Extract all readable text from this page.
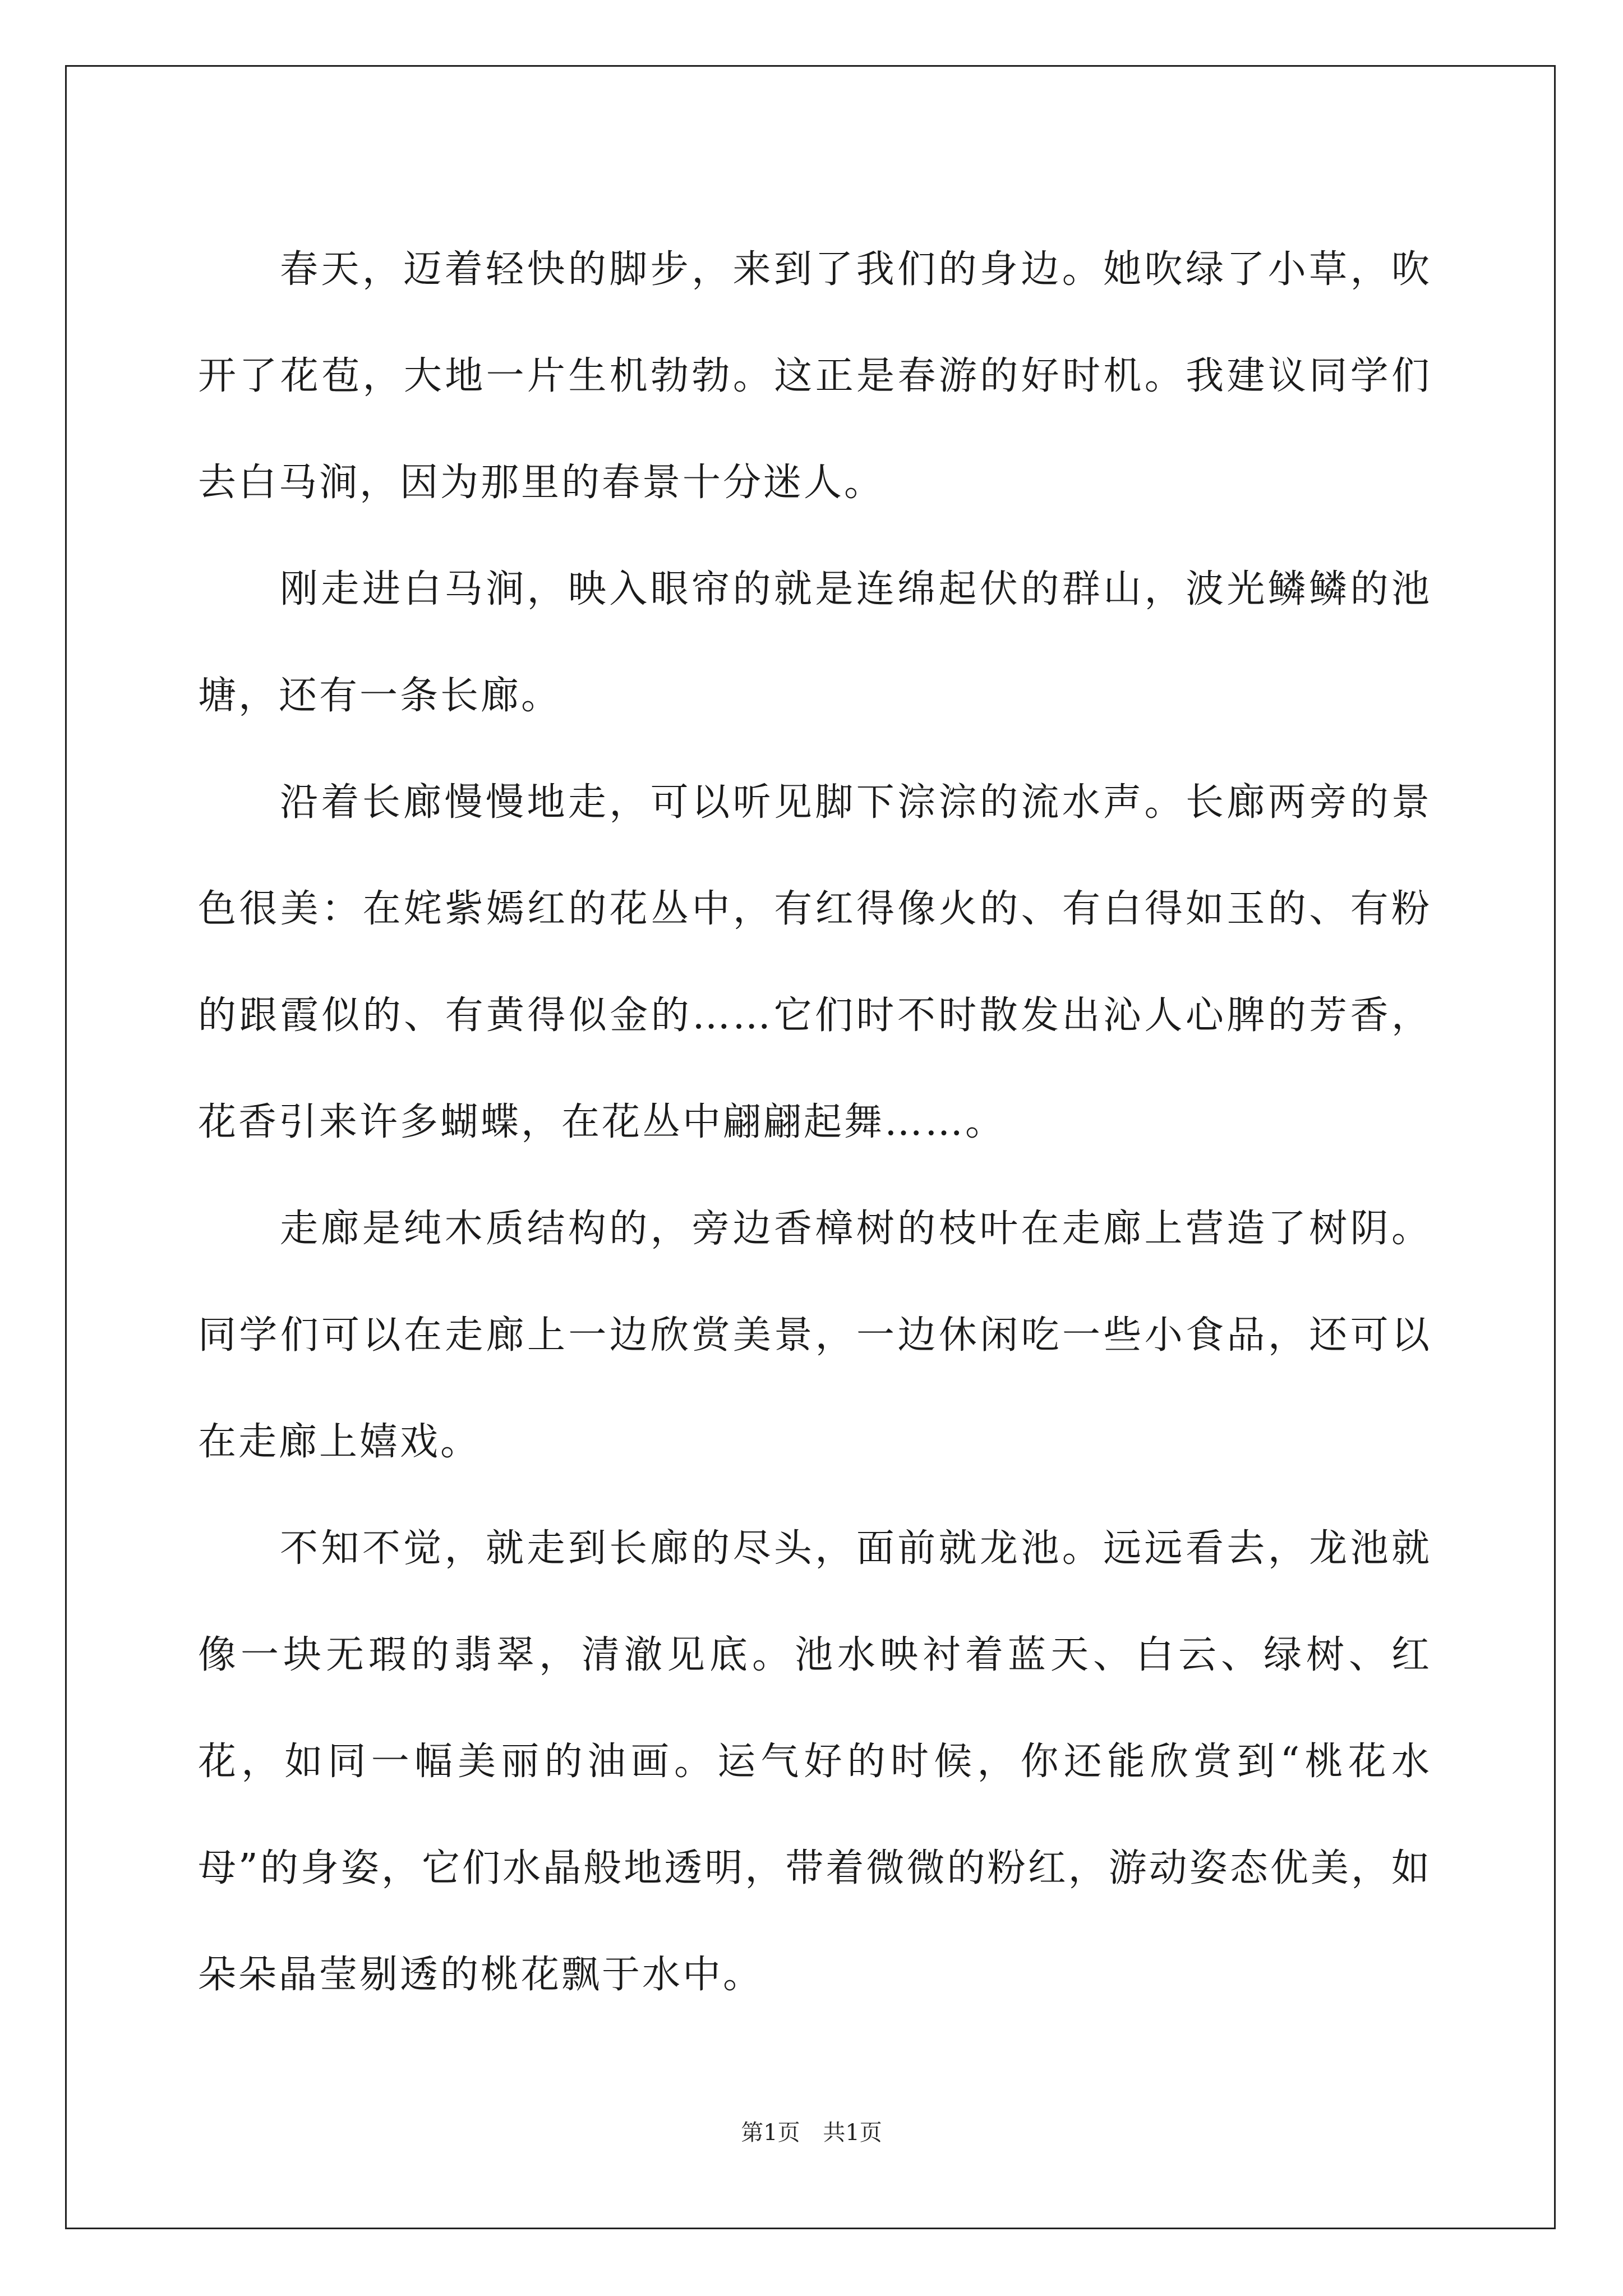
春天，迈着轻快的脚步，来到了我们的身边。她吹绿了小草，吹开了花苞，大地一片生机勃勃。这正是春游的好时机。我建议同学们去白马涧，因为那里的春景十分迷人。

刚走进白马涧，映入眼帘的就是连绵起伏的群山，波光鳞鳞的池塘，还有一条长廊。

沿着长廊慢慢地走，可以听见脚下淙淙的流水声。长廊两旁的景色很美：在姹紫嫣红的花丛中，有红得像火的、有白得如玉的、有粉的跟霞似的、有黄得似金的……它们时不时散发出沁人心脾的芳香，花香引来许多蝴蝶，在花丛中翩翩起舞……。

走廊是纯木质结构的，旁边香樟树的枝叶在走廊上营造了树阴。同学们可以在走廊上一边欣赏美景，一边休闲吃一些小食品，还可以在走廊上嬉戏。

不知不觉，就走到长廊的尽头，面前就龙池。远远看去，龙池就像一块无瑕的翡翠，清澈见底。池水映衬着蓝天、白云、绿树、红花，如同一幅美丽的油画。运气好的时候，你还能欣赏到“桃花水母”的身姿，它们水晶般地透明，带着微微的粉红，游动姿态优美，如朵朵晶莹剔透的桃花飘于水中。

第1页 共1页
